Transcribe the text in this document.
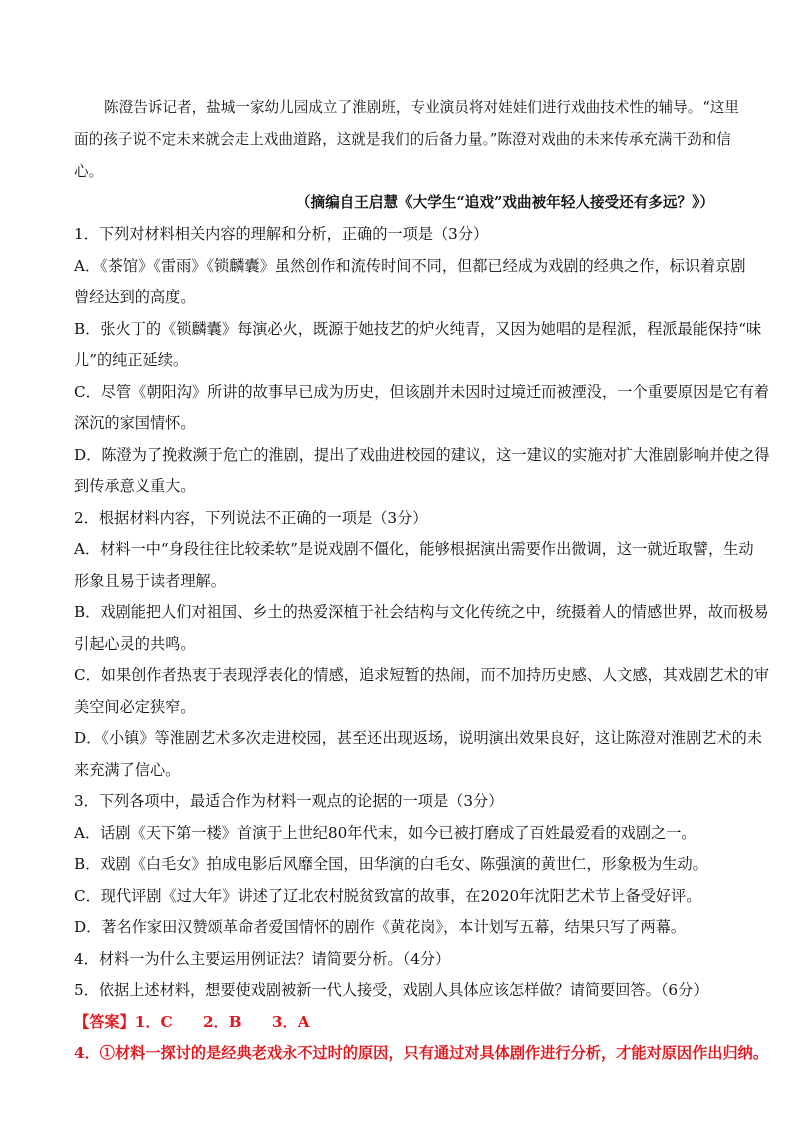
陈澄告诉记者，盐城一家幼儿园成立了淮剧班，专业演员将对娃娃们进行戏曲技术性的辅导。“这里
面的孩子说不定未来就会走上戏曲道路，这就是我们的后备力量。”陈澄对戏曲的未来传承充满干劲和信
心。
（摘编自王启慧《大学生“追戏”戏曲被年轻人接受还有多远？》）
1．下列对材料相关内容的理解和分析，正确的一项是（3分）
A．《茶馆》《雷雨》《锁麟囊》虽然创作和流传时间不同，但都已经成为戏剧的经典之作，标识着京剧
曾经达到的高度。
B．张火丁的《锁麟囊》每演必火，既源于她技艺的炉火纯青，又因为她唱的是程派，程派最能保持“味
儿”的纯正延续。
C．尽管《朝阳沟》所讲的故事早已成为历史，但该剧并未因时过境迁而被湮没，一个重要原因是它有着
深沉的家国情怀。
D．陈澄为了挽救濒于危亡的淮剧，提出了戏曲进校园的建议，这一建议的实施对扩大淮剧影响并使之得
到传承意义重大。
2．根据材料内容，下列说法不正确的一项是（3分）
A．材料一中“身段往往比较柔软”是说戏剧不僵化，能够根据演出需要作出微调，这一就近取譬，生动
形象且易于读者理解。
B．戏剧能把人们对祖国、乡土的热爱深植于社会结构与文化传统之中，统摄着人的情感世界，故而极易
引起心灵的共鸣。
C．如果创作者热衷于表现浮表化的情感，追求短暂的热闹，而不加持历史感、人文感，其戏剧艺术的审
美空间必定狭窄。
D．《小镇》等淮剧艺术多次走进校园，甚至还出现返场，说明演出效果良好，这让陈澄对淮剧艺术的未
来充满了信心。
3．下列各项中，最适合作为材料一观点的论据的一项是（3分）
A．话剧《天下第一楼》首演于上世纪80年代末，如今已被打磨成了百姓最爱看的戏剧之一。
B．戏剧《白毛女》拍成电影后风靡全国，田华演的白毛女、陈强演的黄世仁，形象极为生动。
C．现代评剧《过大年》讲述了辽北农村脱贫致富的故事，在2020年沈阳艺术节上备受好评。
D．著名作家田汉赞颂革命者爱国情怀的剧作《黄花岗》，本计划写五幕，结果只写了两幕。
4．材料一为什么主要运用例证法？请简要分析。（4分）
5．依据上述材料，想要使戏剧被新一代人接受，戏剧人具体应该怎样做？请简要回答。（6分）
【答案】1．C　　2．B　　3．A
4．①材料一探讨的是经典老戏永不过时的原因，只有通过对具体剧作进行分析，才能对原因作出归纳。
